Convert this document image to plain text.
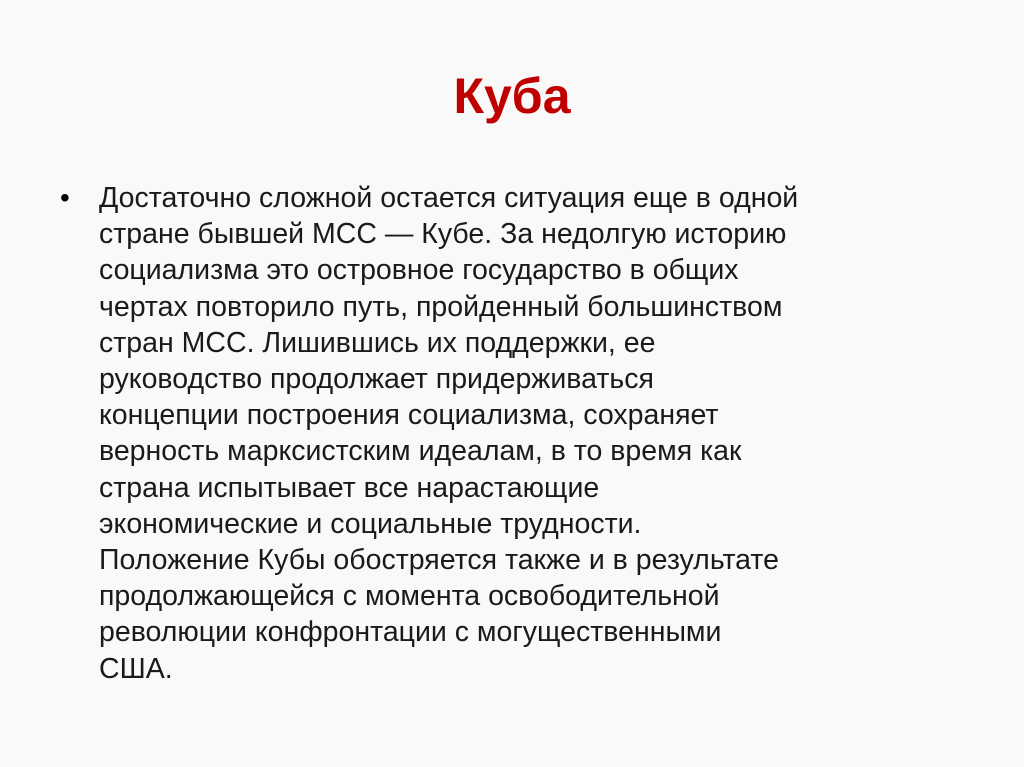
Куба
•	Достаточно сложной остается ситуация еще в одной
стране бывшей МСС — Кубе. За недолгую историю
социализма это островное государство в общих
чертах повторило путь, пройденный большинством
стран МСС. Лишившись их поддержки, ее
руководство продолжает придерживаться
концепции построения социализма, сохраняет
верность марксистским идеалам, в то время как
страна испытывает все нарастающие
экономические и социальные трудности.
Положение Кубы обостряется также и в результате
продолжающейся с момента освободительной
революции конфронтации с могущественными
США.
